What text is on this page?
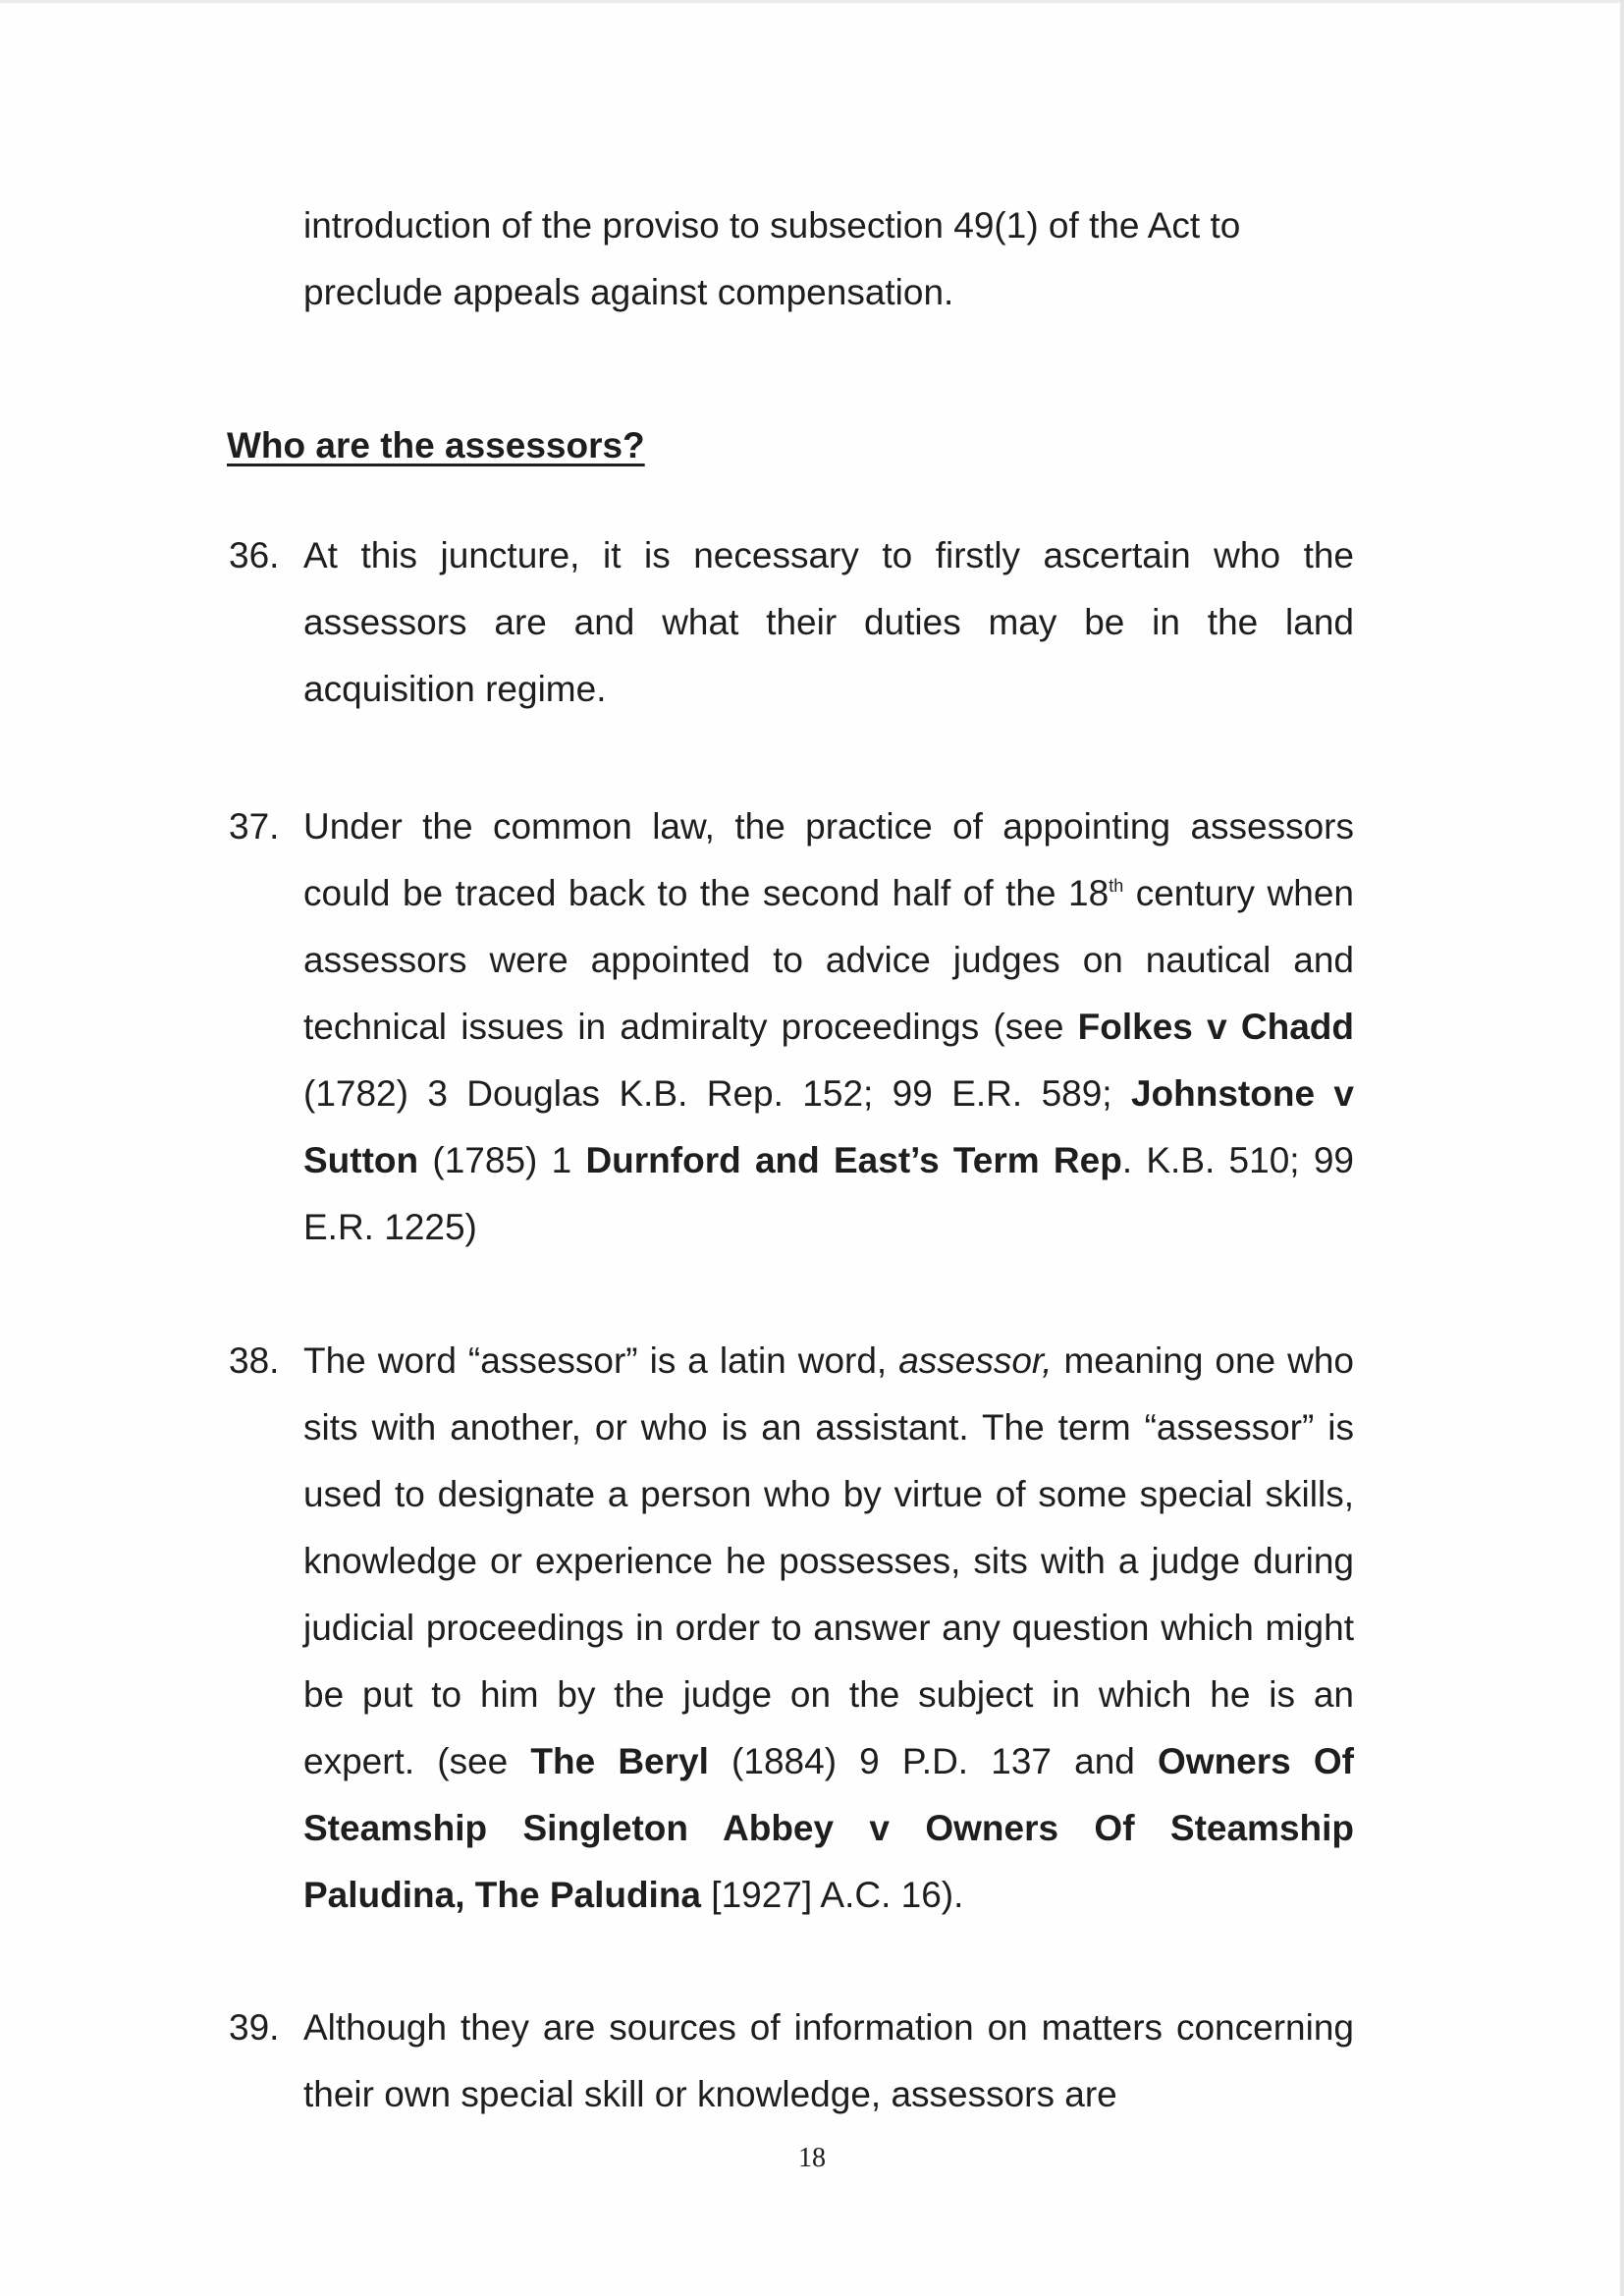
introduction of the proviso to subsection 49(1) of the Act to
preclude appeals against compensation.

Who are the assessors?

36. At this juncture, it is necessary to firstly ascertain who the assessors are and what their duties may be in the land acquisition regime.

37. Under the common law, the practice of appointing assessors could be traced back to the second half of the 18th century when assessors were appointed to advice judges on nautical and technical issues in admiralty proceedings (see Folkes v Chadd (1782) 3 Douglas K.B. Rep. 152; 99 E.R. 589; Johnstone v Sutton (1785) 1 Durnford and East’s Term Rep. K.B. 510; 99 E.R. 1225)

38. The word “assessor” is a latin word, assessor, meaning one who sits with another, or who is an assistant. The term “assessor” is used to designate a person who by virtue of some special skills, knowledge or experience he possesses, sits with a judge during judicial proceedings in order to answer any question which might be put to him by the judge on the subject in which he is an expert. (see The Beryl (1884) 9 P.D. 137 and Owners Of Steamship Singleton Abbey v Owners Of Steamship Paludina, The Paludina [1927] A.C. 16).

39. Although they are sources of information on matters concerning their own special skill or knowledge, assessors are

18
